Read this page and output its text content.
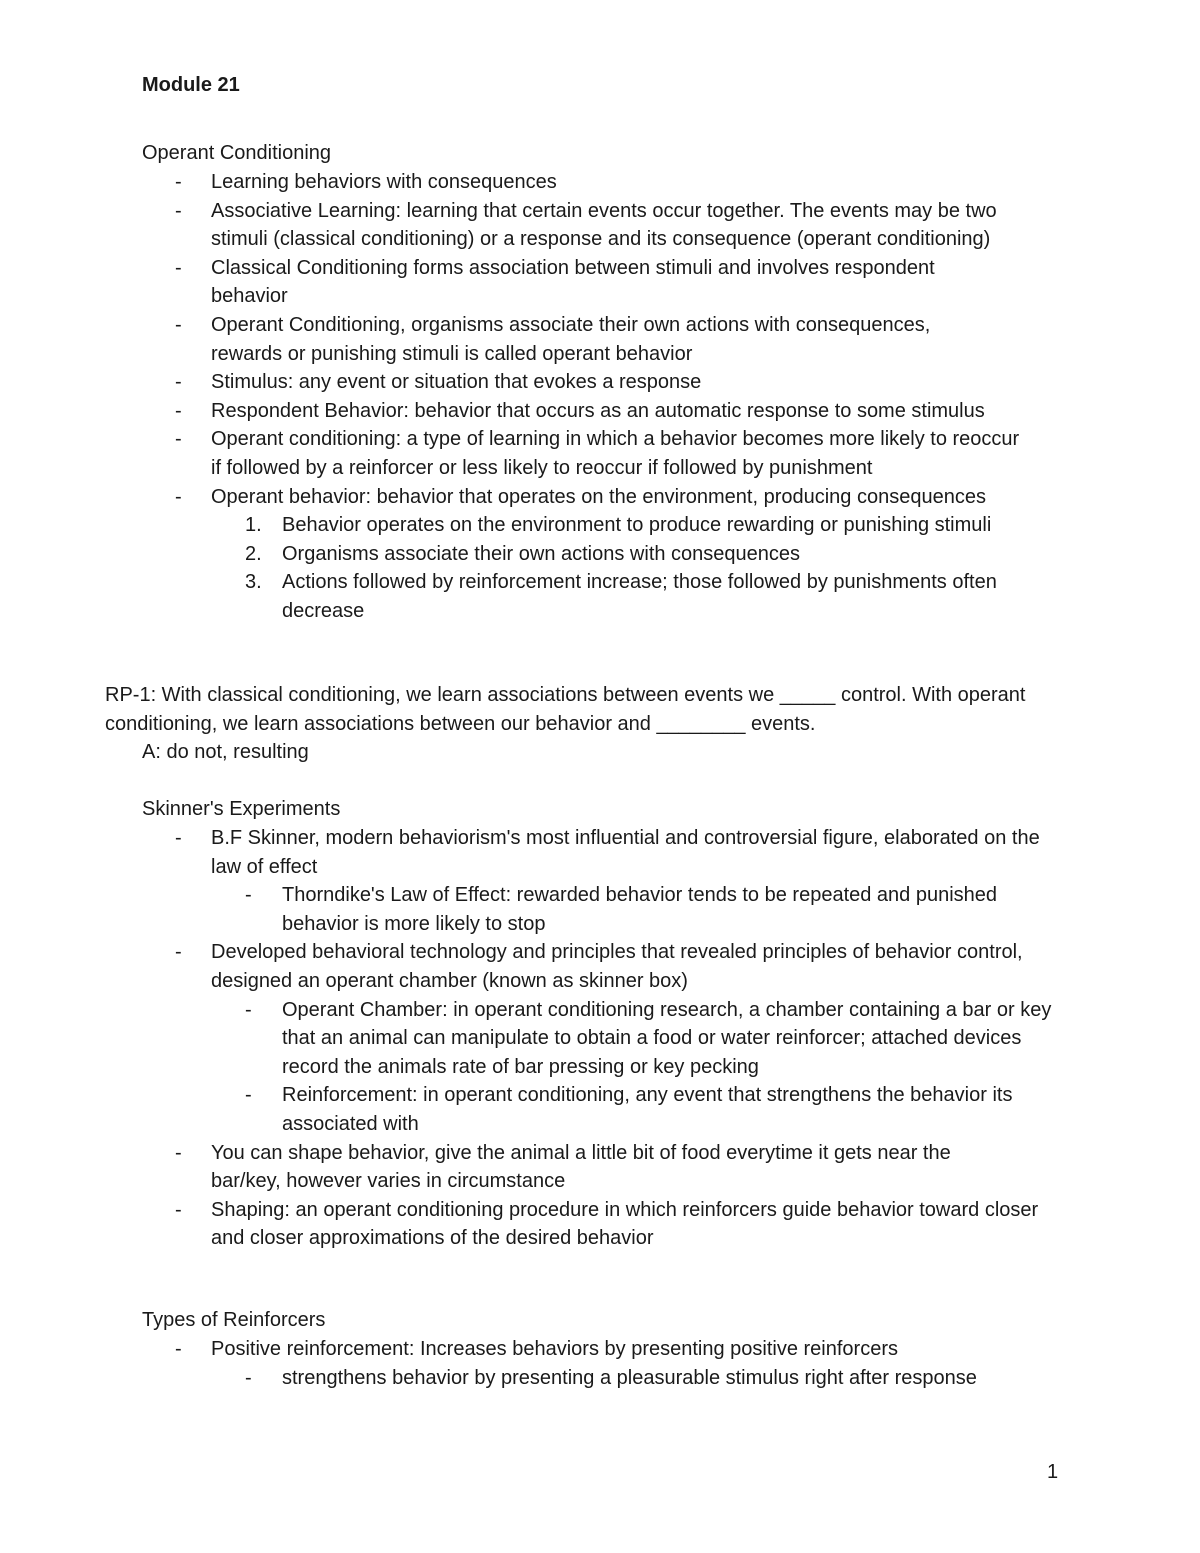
Module 21
Operant Conditioning
- Learning behaviors with consequences
- Associative Learning: learning that certain events occur together. The events may be two stimuli (classical conditioning) or a response and its consequence (operant conditioning)
- Classical Conditioning forms association between stimuli and involves respondent behavior
- Operant Conditioning, organisms associate their own actions with consequences, rewards or punishing stimuli is called operant behavior
- Stimulus: any event or situation that evokes a response
- Respondent Behavior: behavior that occurs as an automatic response to some stimulus
- Operant conditioning: a type of learning in which a behavior becomes more likely to reoccur if followed by a reinforcer or less likely to reoccur if followed by punishment
- Operant behavior: behavior that operates on the environment, producing consequences
1. Behavior operates on the environment to produce rewarding or punishing stimuli
2. Organisms associate their own actions with consequences
3. Actions followed by reinforcement increase; those followed by punishments often decrease

RP-1: With classical conditioning, we learn associations between events we _____ control. With operant conditioning, we learn associations between our behavior and ________ events.

A: do not, resulting

Skinner's Experiments
- B.F Skinner, modern behaviorism's most influential and controversial figure, elaborated on the law of effect
- Thorndike's Law of Effect: rewarded behavior tends to be repeated and punished behavior is more likely to stop
- Developed behavioral technology and principles that revealed principles of behavior control, designed an operant chamber (known as skinner box)
- Operant Chamber: in operant conditioning research, a chamber containing a bar or key that an animal can manipulate to obtain a food or water reinforcer; attached devices record the animals rate of bar pressing or key pecking
- Reinforcement: in operant conditioning, any event that strengthens the behavior its associated with
- You can shape behavior, give the animal a little bit of food everytime it gets near the bar/key, however varies in circumstance
- Shaping: an operant conditioning procedure in which reinforcers guide behavior toward closer and closer approximations of the desired behavior
Types of Reinforcers
- Positive reinforcement: Increases behaviors by presenting positive reinforcers
- strengthens behavior by presenting a pleasurable stimulus right after response
1
